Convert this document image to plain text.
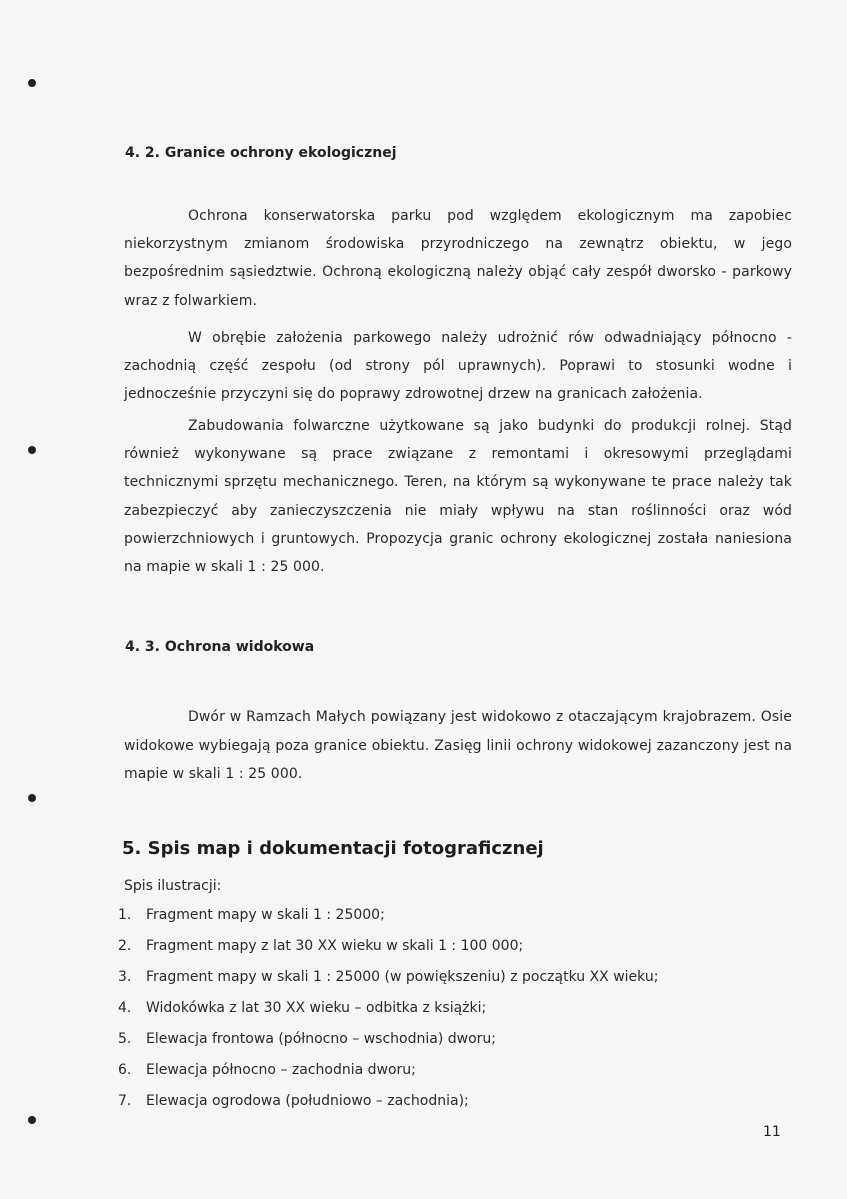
4. 2. Granice ochrony ekologicznej

Ochrona konserwatorska parku pod względem ekologicznym ma zapobiec niekorzystnym zmianom środowiska przyrodniczego na zewnątrz obiektu, w jego bezpośrednim sąsiedztwie. Ochroną ekologiczną należy objąć cały zespół dworsko - parkowy wraz z folwarkiem.

W obrębie założenia parkowego należy udrożnić rów odwadniający północno - zachodnią część zespołu (od strony pól uprawnych). Poprawi to stosunki wodne i jednocześnie przyczyni się do poprawy zdrowotnej drzew na granicach założenia.

Zabudowania folwarczne użytkowane są jako budynki do produkcji rolnej. Stąd również wykonywane są prace związane z remontami i okresowymi przeglądami technicznymi sprzętu mechanicznego. Teren, na którym są wykonywane te prace należy tak zabezpieczyć aby zanieczyszczenia nie miały wpływu na stan roślinności oraz wód powierzchniowych i gruntowych. Propozycja granic ochrony ekologicznej została naniesiona na mapie w skali 1 : 25 000.

4. 3. Ochrona widokowa

Dwór w Ramzach Małych powiązany jest widokowo z otaczającym krajobrazem. Osie widokowe wybiegają poza granice obiektu. Zasięg linii ochrony widokowej zazanczony jest na mapie w skali 1 : 25 000.

5. Spis map i dokumentacji fotograficznej

Spis ilustracji:

1. Fragment mapy w skali 1 : 25000;
2. Fragment mapy z lat 30 XX wieku w skali 1 : 100 000;
3. Fragment mapy w skali 1 : 25000 (w powiększeniu) z początku XX wieku;
4. Widokówka z lat 30 XX wieku – odbitka z książki;
5. Elewacja frontowa (północno – wschodnia) dworu;
6. Elewacja północno – zachodnia dworu;
7. Elewacja ogrodowa (południowo – zachodnia);
11
